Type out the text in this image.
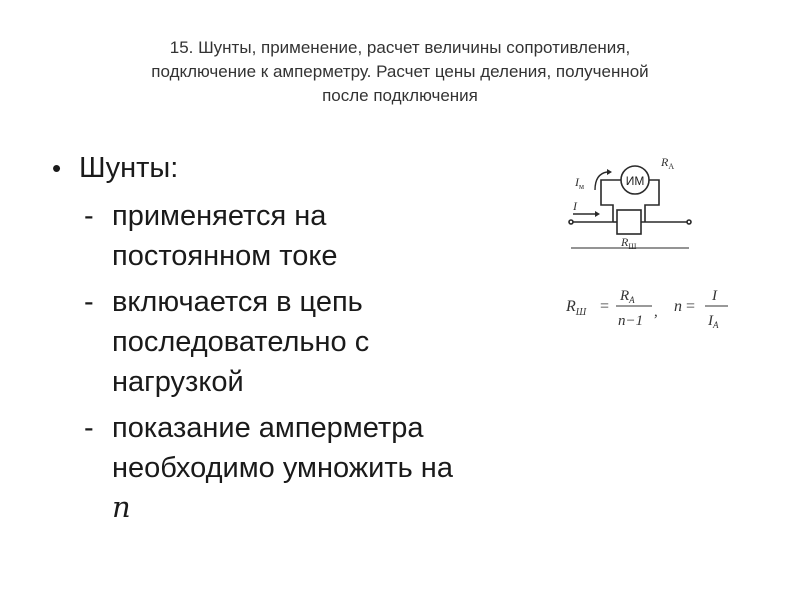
15. Шунты, применение, расчет величины сопротивления,
подключение к амперметру. Расчет цены деления, полученной
после подключения
• Шунты:
- применяется на
постоянном токе
- включается в цепь
последовательно с
нагрузкой
- показание амперметра
необходимо умножить на
n
ИМ
$I_м$
I
$R_А$
$R_Ш$
$R_Ш$ =
$R_А$
n−1
, n =
I
$I_А$
